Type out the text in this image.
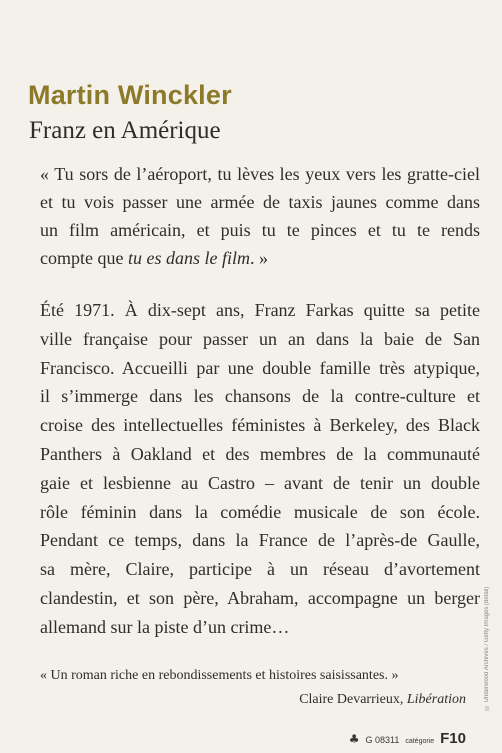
Martin Winckler
Franz en Amérique
« Tu sors de l’aéroport, tu lèves les yeux vers les gratte-ciel
et tu vois passer une armée de taxis jaunes comme dans
un film américain, et puis tu te pinces et tu te rends
compte que tu es dans le film. »
Été 1971. À dix-sept ans, Franz Farkas quitte sa petite
ville française pour passer un an dans la baie de San
Francisco. Accueilli par une double famille très atypique,
il s’immerge dans les chansons de la contre-culture et
croise des intellectuelles féministes à Berkeley, des Black
Panthers à Oakland et des membres de la communauté
gaie et lesbienne au Castro – avant de tenir un double
rôle féminin dans la comédie musicale de son école.
Pendant ce temps, dans la France de l’après-de Gaulle,
sa mère, Claire, participe à un réseau d’avortement
clandestin, et son père, Abraham, accompagne un berger
allemand sur la piste d’un crime…
« Un roman riche en rebondissements et histoires saisissantes. »
Claire Devarrieux, Libération	© Underwood Archives / Getty Images (détail)
♣ G 08311 catégorie F10
